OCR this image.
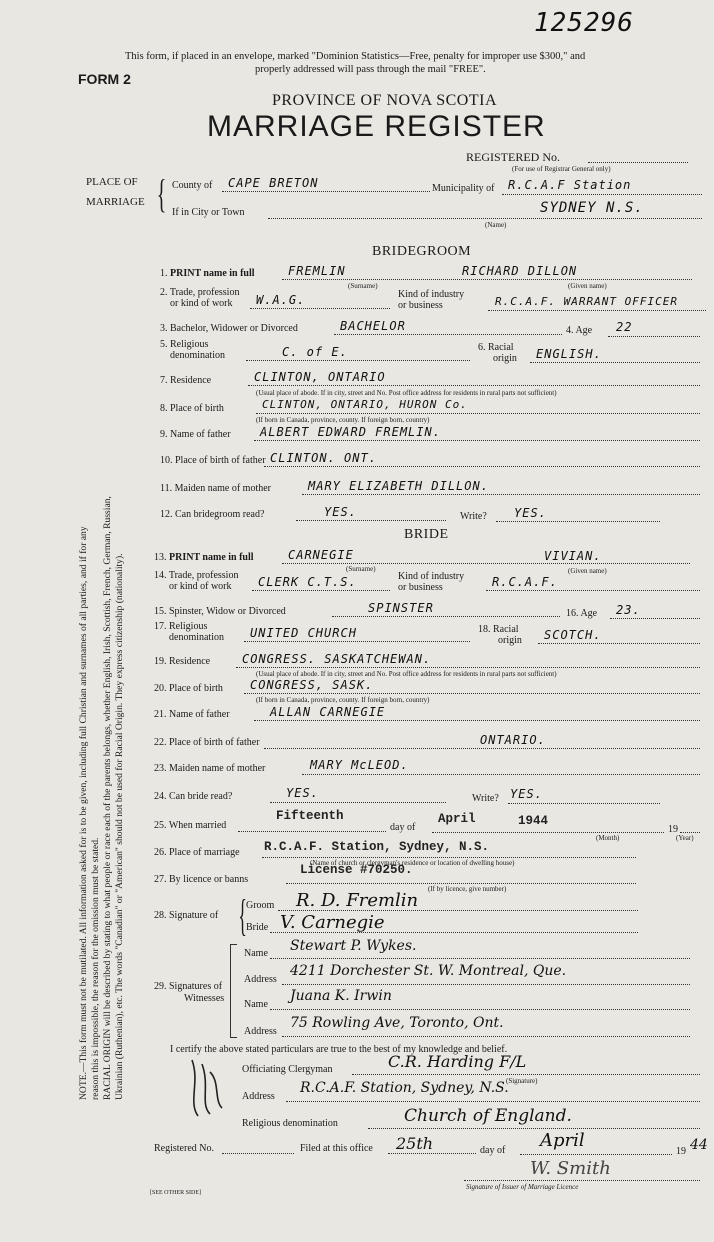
125296
This form, if placed in an envelope, marked "Dominion Statistics—Free, penalty for improper use $300," and
properly addressed will pass through the mail "FREE".
FORM 2
PROVINCE OF NOVA SCOTIA
MARRIAGE REGISTER
REGISTERED No.
(For use of Registrar General only)
PLACE OF
MARRIAGE { County of CAPE BRETON	Municipality of R.C.A.F Station
If in City or Town	SYDNEY N.S.
(Name)
NOTE.—This form must not be mutilated. All information asked for is to be given, including full Christian and surnames of all parties, and if for any reason this is impossible, the reason for the omission must be stated. RACIAL ORIGIN will be described by stating to what people or race each of the parents belongs, whether English, Irish, Scottish, French, German, Russian, Ukrainian (Ruthenian), etc. The words "Canadian" or "American" should not be used for Racial Origin. They express citizenship (nationality).
BRIDEGROOM
1. PRINT name in full	FREMLIN	RICHARD DILLON
(Surname)	(Given name)
2. Trade, profession
or kind of work	W.A.G.	Kind of industry
or business	R.C.A.F. WARRANT OFFICER
3. Bachelor, Widower or Divorced	BACHELOR	4. Age 22
5. Religious
denomination	C. of E.	6. Racial
origin ENGLISH.
7. Residence	CLINTON, ONTARIO
(Usual place of abode. If in city, street and No. Post office address for residents in rural parts not sufficient)
8. Place of birth	CLINTON, ONTARIO, HURON Co.
(If born in Canada, province, county. If foreign born, country)
9. Name of father ALBERT EDWARD FREMLIN.
10. Place of birth of father CLINTON. ONT.
11. Maiden name of mother	MARY ELIZABETH DILLON.
12. Can bridegroom read?	YES.	Write? YES.
BRIDE
13. PRINT name in full	CARNEGIE	VIVIAN.
(Surname)	(Given name)
14. Trade, profession
or kind of work	CLERK C.T.S.	Kind of industry
or business	R.C.A.F.
15. Spinster, Widow or Divorced	SPINSTER	16. Age 23.
17. Religious
denomination UNITED CHURCH	18. Racial
origin SCOTCH.
19. Residence	CONGRESS. SASKATCHEWAN.
(Usual place of abode. If in city, street and No. Post office address for residents in rural parts not sufficient)
20. Place of birth CONGRESS, SASK.
(If born in Canada, province, county. If foreign born, country)
21. Name of father	ALLAN CARNEGIE
22. Place of birth of father	ONTARIO.
23. Maiden name of mother	MARY McLEOD.
24. Can bride read?	YES.	Write? YES.
25. When married
Fifteenth
day of
April	1944
19
(Month)	(Year)
26. Place of marriage R.C.A.F. Station, Sydney, N.S.
(Name of church or clergyman's residence or location of dwelling house)
27. By licence or banns
License #70250.
(If by licence, give number)
28. Signature of { Groom R. D. Fremlin
Bride V. Carnegie
29. Signatures of
Witnesses
Name Stewart P. Wykes.
Address
4211 Dorchester St. W. Montreal, Que.
Name
Juana K. Irwin
Address
75 Rowling Ave, Toronto, Ont.
I certify the above stated particulars are true to the best of my knowledge and belief.
Officiating Clergyman	C.R. Harding F/L
(Signature)
Address
R.C.A.F. Station, Sydney, N.S.
Religious denomination	Church of England.
Registered No.	Filed at this office 25th	day of April
19 44
W. Smith
Signature of Issuer of Marriage Licence
[SEE OTHER SIDE]
